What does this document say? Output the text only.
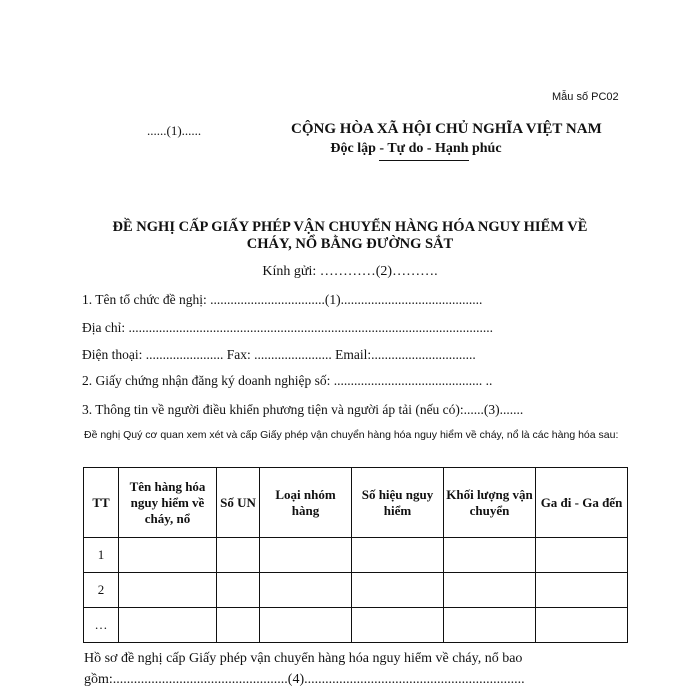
Mẫu số PC02
......(1)......	CỘNG HÒA XÃ HỘI CHỦ NGHĨA VIỆT NAM
Độc lập - Tự do - Hạnh phúc
ĐỀ NGHỊ CẤP GIẤY PHÉP VẬN CHUYỂN HÀNG HÓA NGUY HIỂM VỀ CHÁY, NỔ BẰNG ĐƯỜNG SẮT
Kính gửi: …………(2)……….
1. Tên tổ chức đề nghị: ..................................(1)..........................................
Địa chỉ: ............................................................................................................
Điện thoại: ....................... Fax: ....................... Email:...............................
2. Giấy chứng nhận đăng ký doanh nghiệp số: ............................................ ..
3. Thông tin về người điều khiển phương tiện và người áp tải (nếu có):......(3).......
Đề nghị Quý cơ quan xem xét và cấp Giấy phép vận chuyển hàng hóa nguy hiểm về cháy, nổ là các hàng hóa sau:
TT	Tên hàng hóa nguy hiểm về cháy, nổ	Số UN	Loại nhóm hàng	Số hiệu nguy hiểm	Khối lượng vận chuyển	Ga đi - Ga đến
1						
2						
…						
Hồ sơ đề nghị cấp Giấy phép vận chuyển hàng hóa nguy hiểm về cháy, nổ bao gồm:..................................................(4)...............................................................
